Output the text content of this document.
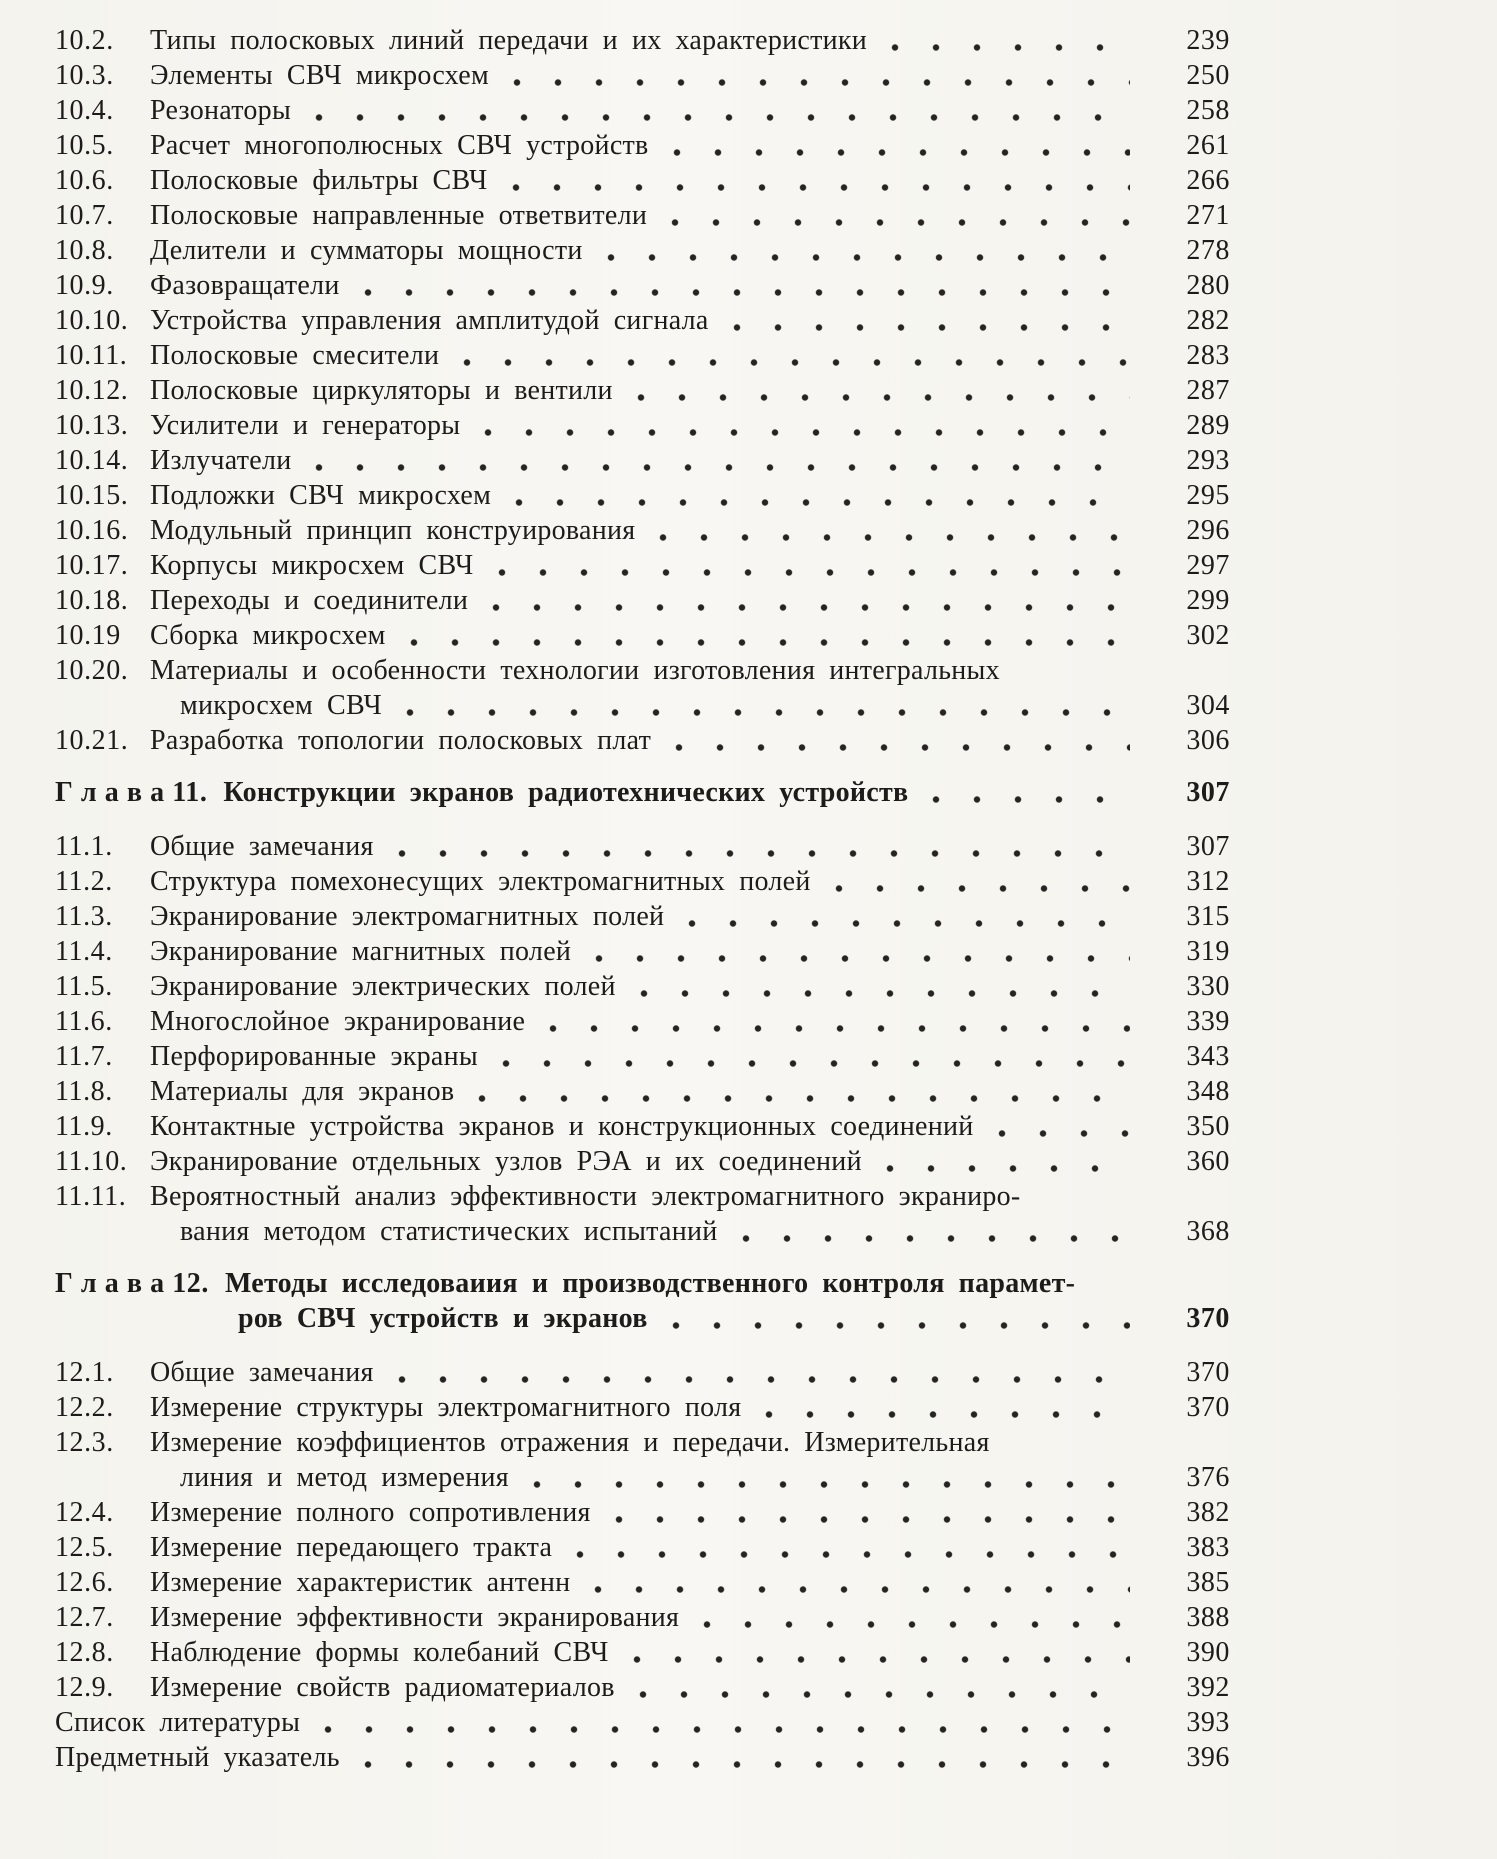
10.2.	Типы полосковых линий передачи и их характеристики	239
10.3.	Элементы СВЧ микросхем	250
10.4.	Резонаторы	258
10.5.	Расчет многополюсных СВЧ устройств	261
10.6.	Полосковые фильтры СВЧ	266
10.7.	Полосковые направленные ответвители	271
10.8.	Делители и сумматоры мощности	278
10.9.	Фазовращатели	280
10.10. Устройства управления амплитудой сигнала	282
10.11. Полосковые смесители	283
10.12. Полосковые циркуляторы и вентили	287
10.13. Усилители и генераторы	289
10.14. Излучатели	293
10.15. Подложки СВЧ микросхем	295
10.16. Модульный принцип конструирования	296
10.17. Корпусы микросхем СВЧ	297
10.18. Переходы и соединители	299
10.19	Сборка микросхем	302
10.20. Материалы и особенности технологии изготовления интегральных
микросхем СВЧ	304
10.21. Разработка топологии полосковых плат	306
Г л а в а 11. Конструкции экранов радиотехнических устройств	307
11.1.	Общие замечания	307
11.2.	Структура помехонесущих электромагнитных полей	312
11.3.	Экранирование электромагнитных полей	315
11.4.	Экранирование магнитных полей	319
11.5.	Экранирование электрических полей	330
11.6.	Многослойное экранирование	339
11.7.	Перфорированные экраны	343
11.8.	Материалы для экранов	348
11.9.	Контактные устройства экранов и конструкционных соединений	350
11.10. Экранирование отдельных узлов РЭА и их соединений	360
11.11. Вероятностный анализ эффективности электромагнитного экраниро-
вания методом статистических испытаний	368
Г л а в а 12. Методы исследоваиия и производственного контроля парамет-
ров СВЧ устройств и экранов	370
12.1.	Общие замечания	370
12.2.	Измерение структуры электромагнитного поля	370
12.3.	Измерение коэффициентов отражения и передачи. Измерительная
линия и метод измерения	376
12.4.	Измерение полного сопротивления	382
12.5.	Измерение передающего тракта	383
12.6.	Измерение характеристик антенн	385
12.7.	Измерение эффективности экранирования	388
12.8.	Наблюдение формы колебаний СВЧ	390
12.9.	Измерение свойств радиоматериалов	392
Список литературы	393
Предметный указатель	396
